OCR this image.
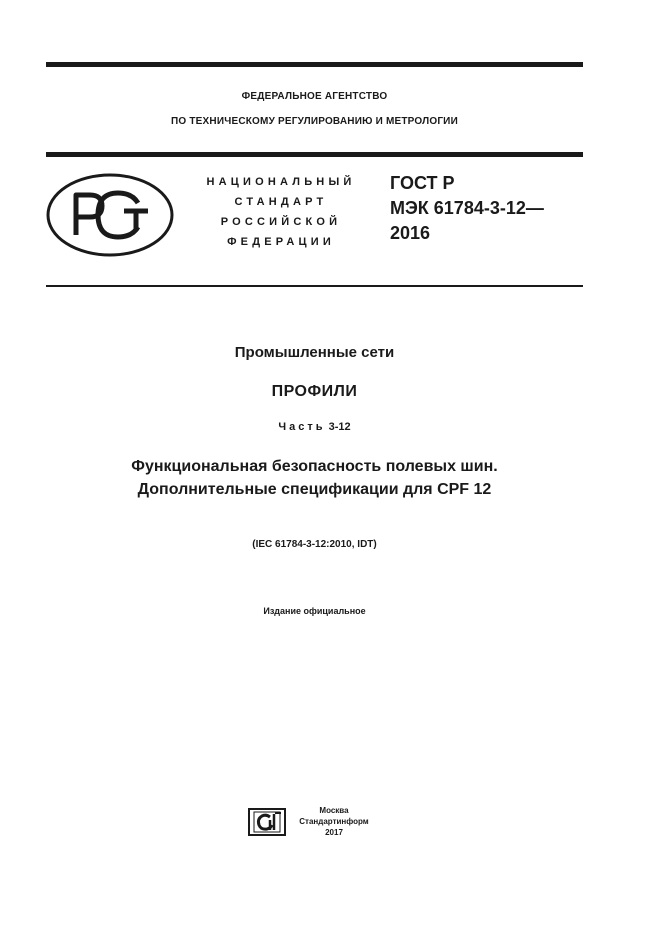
ФЕДЕРАЛЬНОЕ АГЕНТСТВО
ПО ТЕХНИЧЕСКОМУ РЕГУЛИРОВАНИЮ И МЕТРОЛОГИИ
НАЦИОНАЛЬНЫЙ
СТАНДАРТ
РОССИЙСКОЙ
ФЕДЕРАЦИИ
ГОСТ Р
МЭК 61784-3-12—
2016
Промышленные сети
ПРОФИЛИ
Часть 3-12
Функциональная безопасность полевых шин.
Дополнительные спецификации для CPF 12
(IEC 61784-3-12:2010, IDT)
Издание официальное
Москва
Стандартинформ
2017
